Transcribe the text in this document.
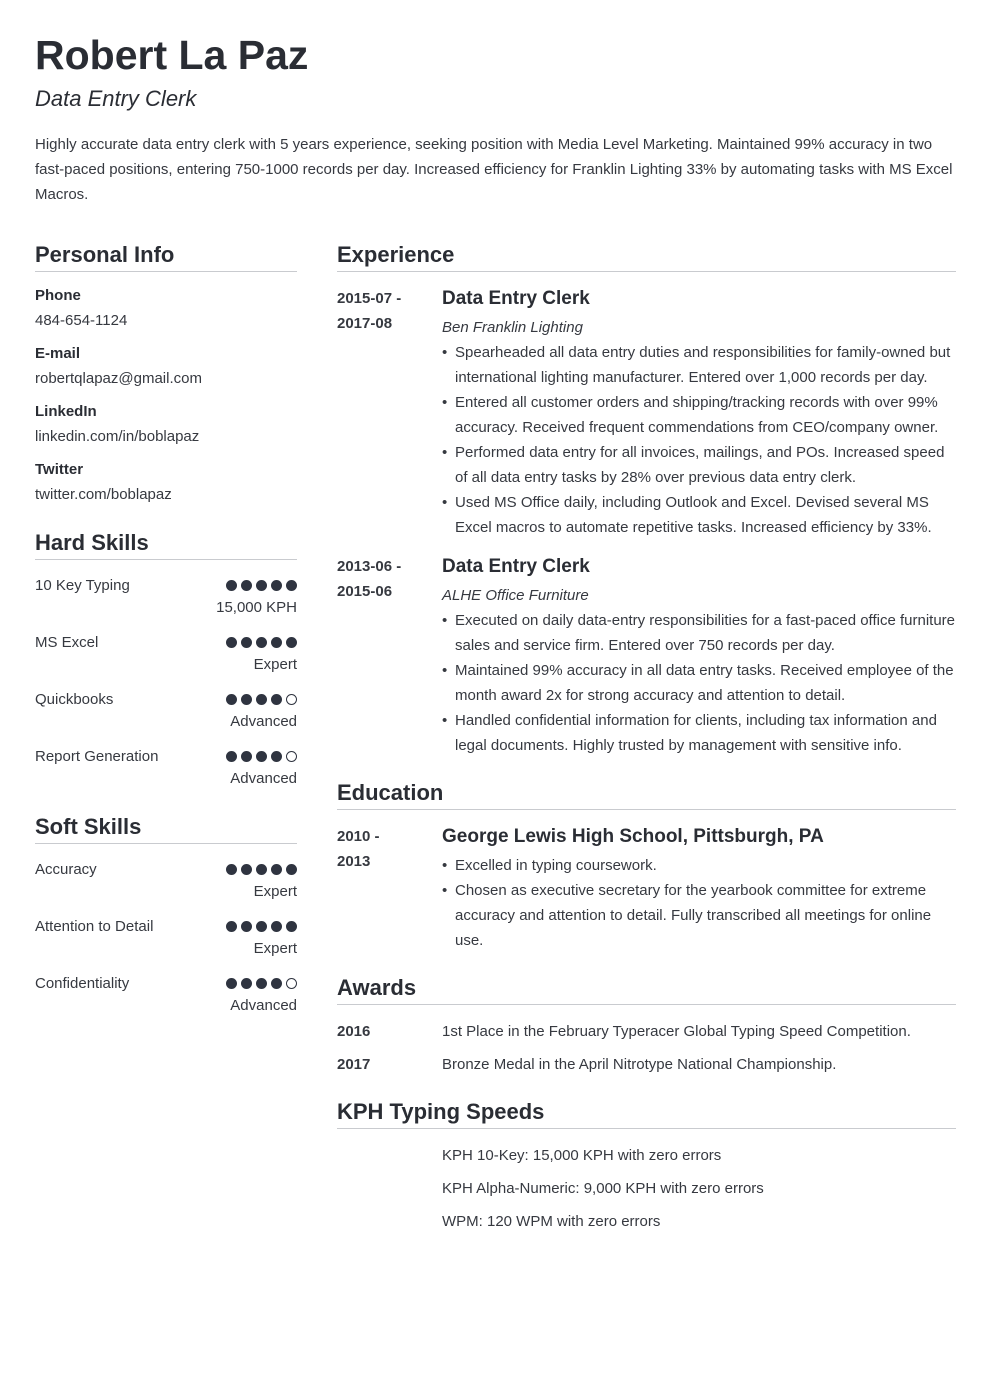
Robert La Paz
Data Entry Clerk

Highly accurate data entry clerk with 5 years experience, seeking position with Media Level Marketing. Maintained 99% accuracy in two fast-paced positions, entering 750-1000 records per day. Increased efficiency for Franklin Lighting 33% by automating tasks with MS Excel Macros.

Personal Info
Phone
484-654-1124
E-mail
robertqlapaz@gmail.com
LinkedIn
linkedin.com/in/boblapaz
Twitter
twitter.com/boblapaz
Hard Skills
10 Key Typing
15,000 KPH
MS Excel
Expert
Quickbooks
Advanced
Report Generation
Advanced
Soft Skills
Accuracy
Expert
Attention to Detail
Expert
Confidentiality
Advanced
Experience
2015-07 -
2017-08
Data Entry Clerk
Ben Franklin Lighting
• Spearheaded all data entry duties and responsibilities for family-owned but international lighting manufacturer. Entered over 1,000 records per day.
• Entered all customer orders and shipping/tracking records with over 99% accuracy. Received frequent commendations from CEO/company owner.
• Performed data entry for all invoices, mailings, and POs. Increased speed of all data entry tasks by 28% over previous data entry clerk.
• Used MS Office daily, including Outlook and Excel. Devised several MS Excel macros to automate repetitive tasks. Increased efficiency by 33%.
2013-06 -
2015-06
Data Entry Clerk
ALHE Office Furniture
• Executed on daily data-entry responsibilities for a fast-paced office furniture sales and service firm. Entered over 750 records per day.
• Maintained 99% accuracy in all data entry tasks. Received employee of the month award 2x for strong accuracy and attention to detail.
• Handled confidential information for clients, including tax information and legal documents. Highly trusted by management with sensitive info.
Education
2010 -
2013
George Lewis High School, Pittsburgh, PA
• Excelled in typing coursework.
• Chosen as executive secretary for the yearbook committee for extreme accuracy and attention to detail. Fully transcribed all meetings for online use.
Awards
2016	1st Place in the February Typeracer Global Typing Speed Competition.
2017	Bronze Medal in the April Nitrotype National Championship.
KPH Typing Speeds
KPH 10-Key: 15,000 KPH with zero errors
KPH Alpha-Numeric: 9,000 KPH with zero errors
WPM: 120 WPM with zero errors
